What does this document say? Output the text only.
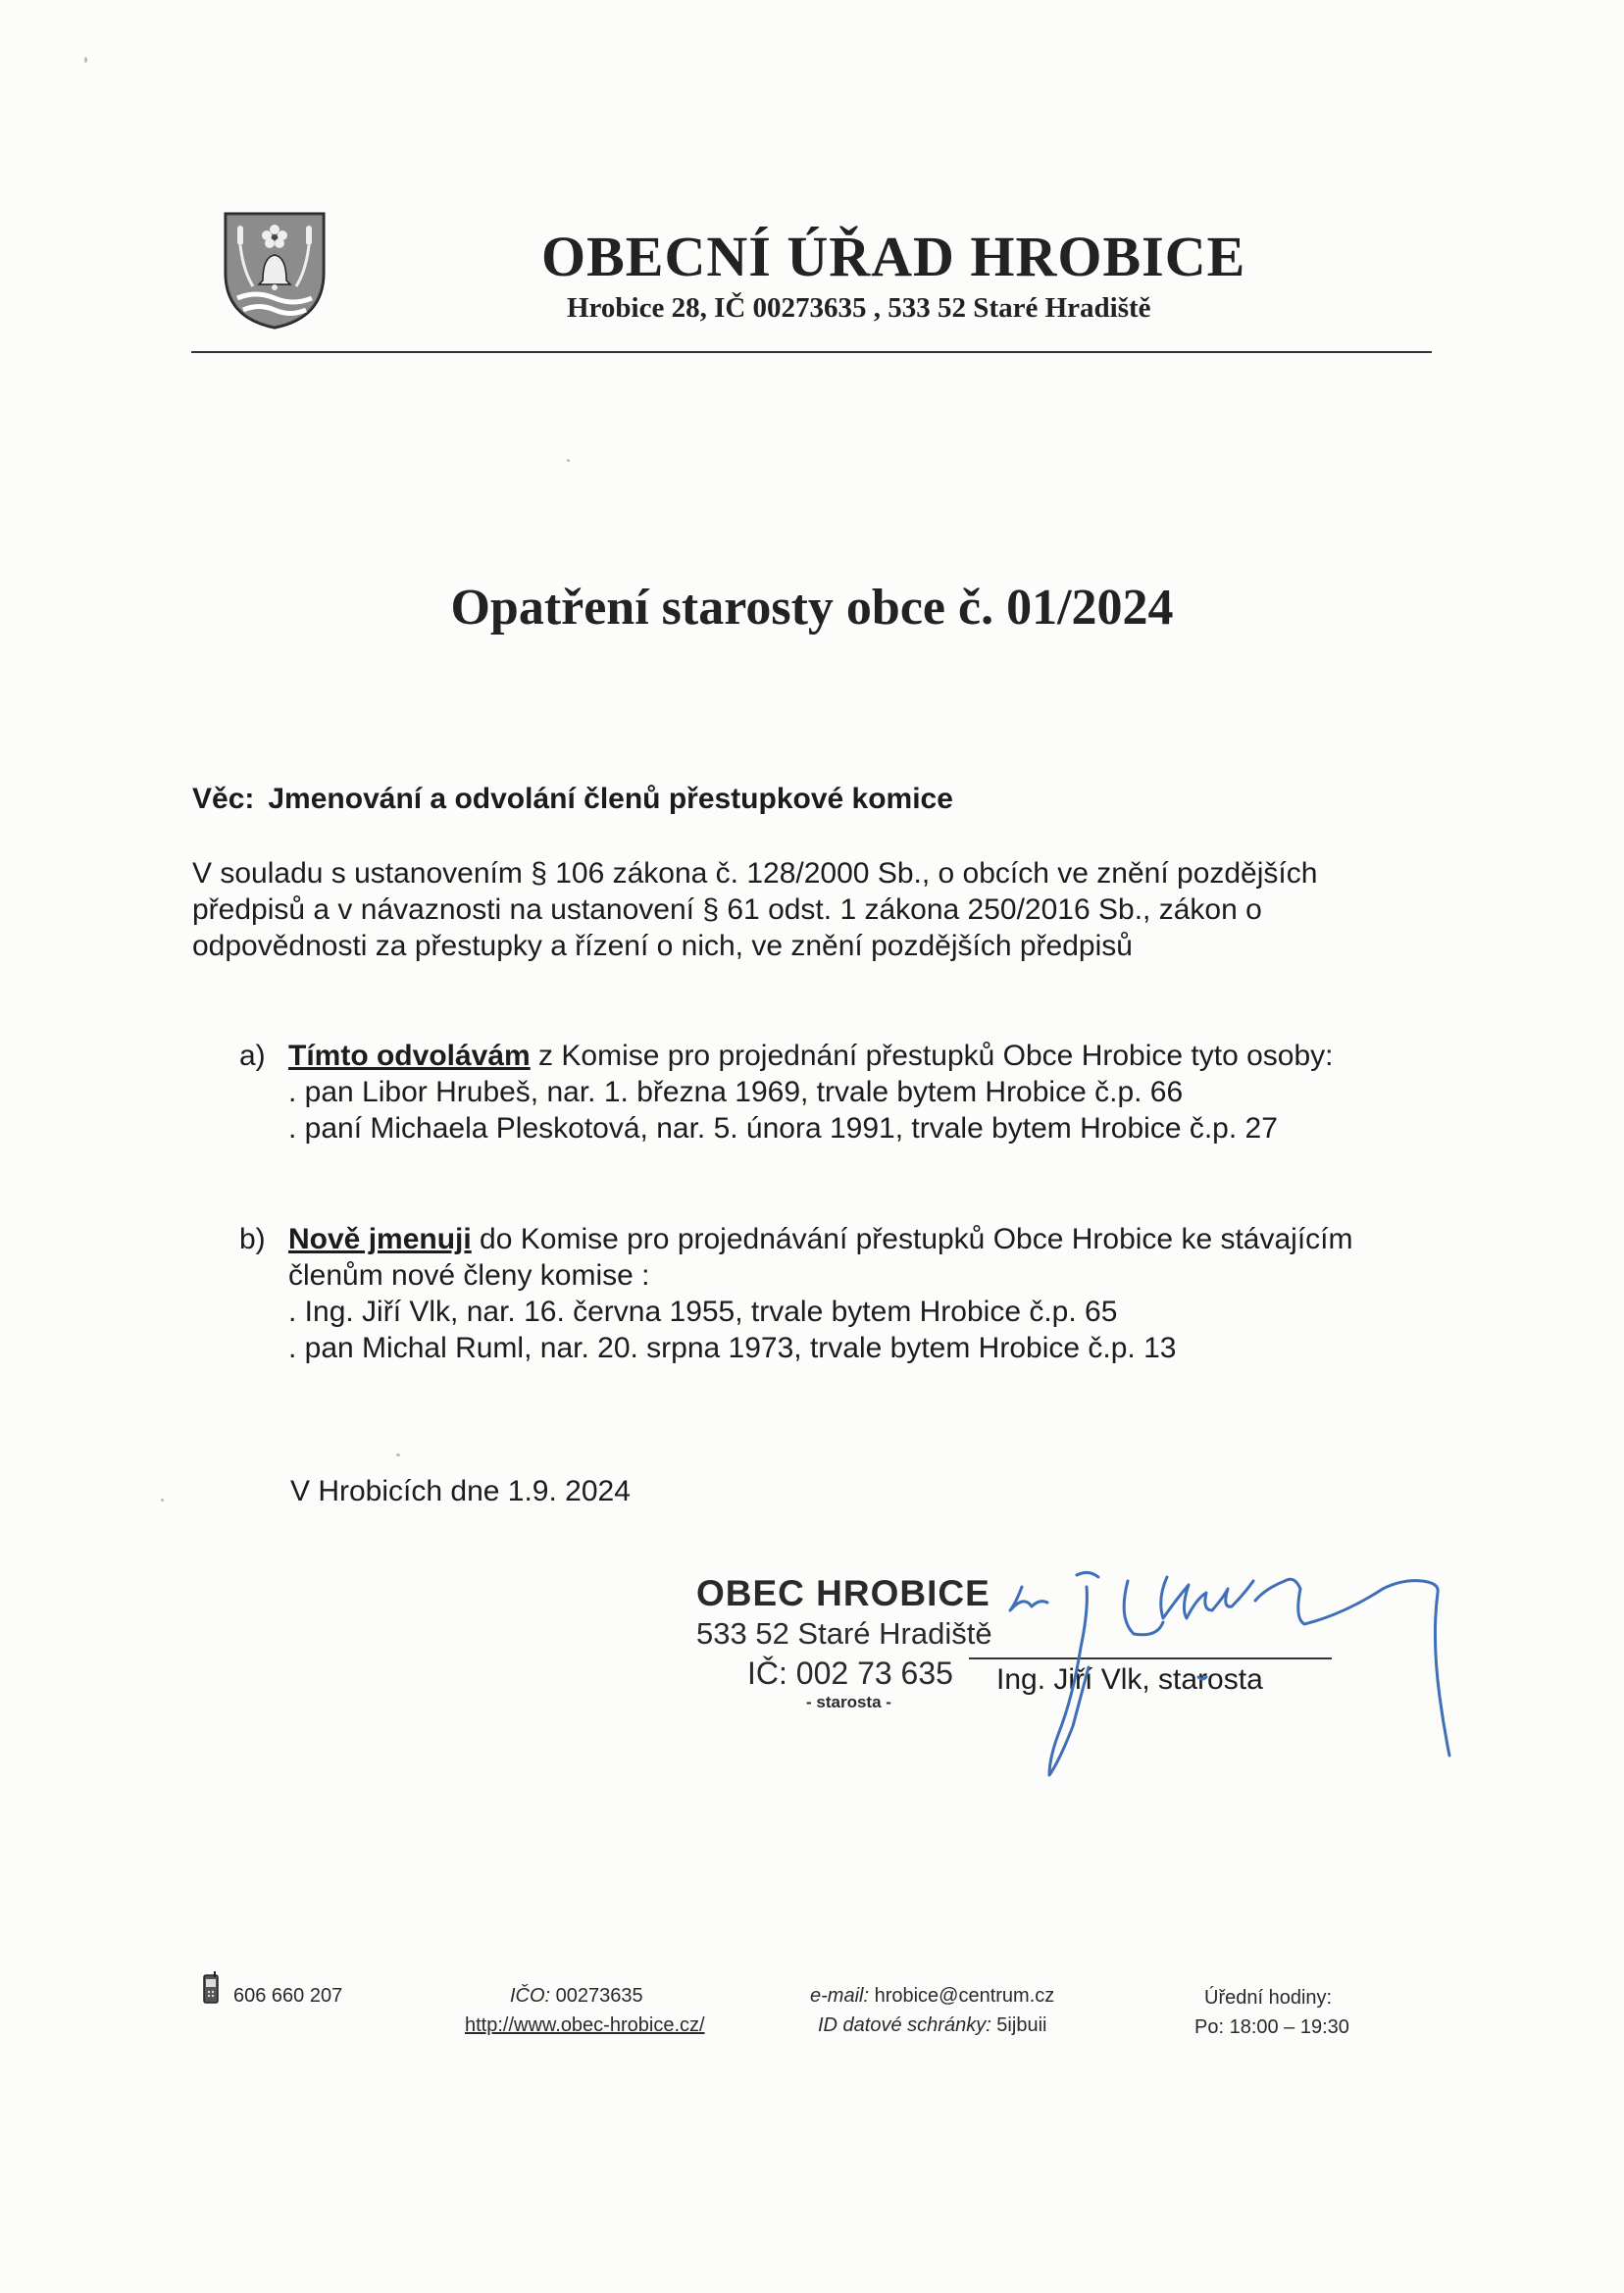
OBECNÍ ÚŘAD HROBICE
Hrobice 28, IČ 00273635 , 533 52 Staré Hradiště
Opatření starosty obce č. 01/2024
Věc: Jmenování a odvolání členů přestupkové komice
V souladu s ustanovením § 106 zákona č. 128/2000 Sb., o obcích ve znění pozdějších
předpisů a v návaznosti na ustanovení § 61 odst. 1 zákona 250/2016 Sb., zákon o
odpovědnosti za přestupky a řízení o nich, ve znění pozdějších předpisů
a) Tímto odvolávám z Komise pro projednání přestupků Obce Hrobice tyto osoby:
. pan Libor Hrubeš, nar. 1. března 1969, trvale bytem Hrobice č.p. 66
. paní Michaela Pleskotová, nar. 5. února 1991, trvale bytem Hrobice č.p. 27
b) Nově jmenuji do Komise pro projednávání přestupků Obce Hrobice ke stávajícím
členům nové členy komise :
. Ing. Jiří Vlk, nar. 16. června 1955, trvale bytem Hrobice č.p. 65
. pan Michal Ruml, nar. 20. srpna 1973, trvale bytem Hrobice č.p. 13
V Hrobicích dne 1.9. 2024
OBEC HROBICE
533 52 Staré Hradiště
IČ: 002 73 635
- starosta -
Ing. Jiří Vlk, starosta
606 660 207	IČO: 00273635
http://www.obec-hrobice.cz/
e-mail: hrobice@centrum.cz
ID datové schránky: 5ijbuii
Úřední hodiny:
Po: 18:00 – 19:30
